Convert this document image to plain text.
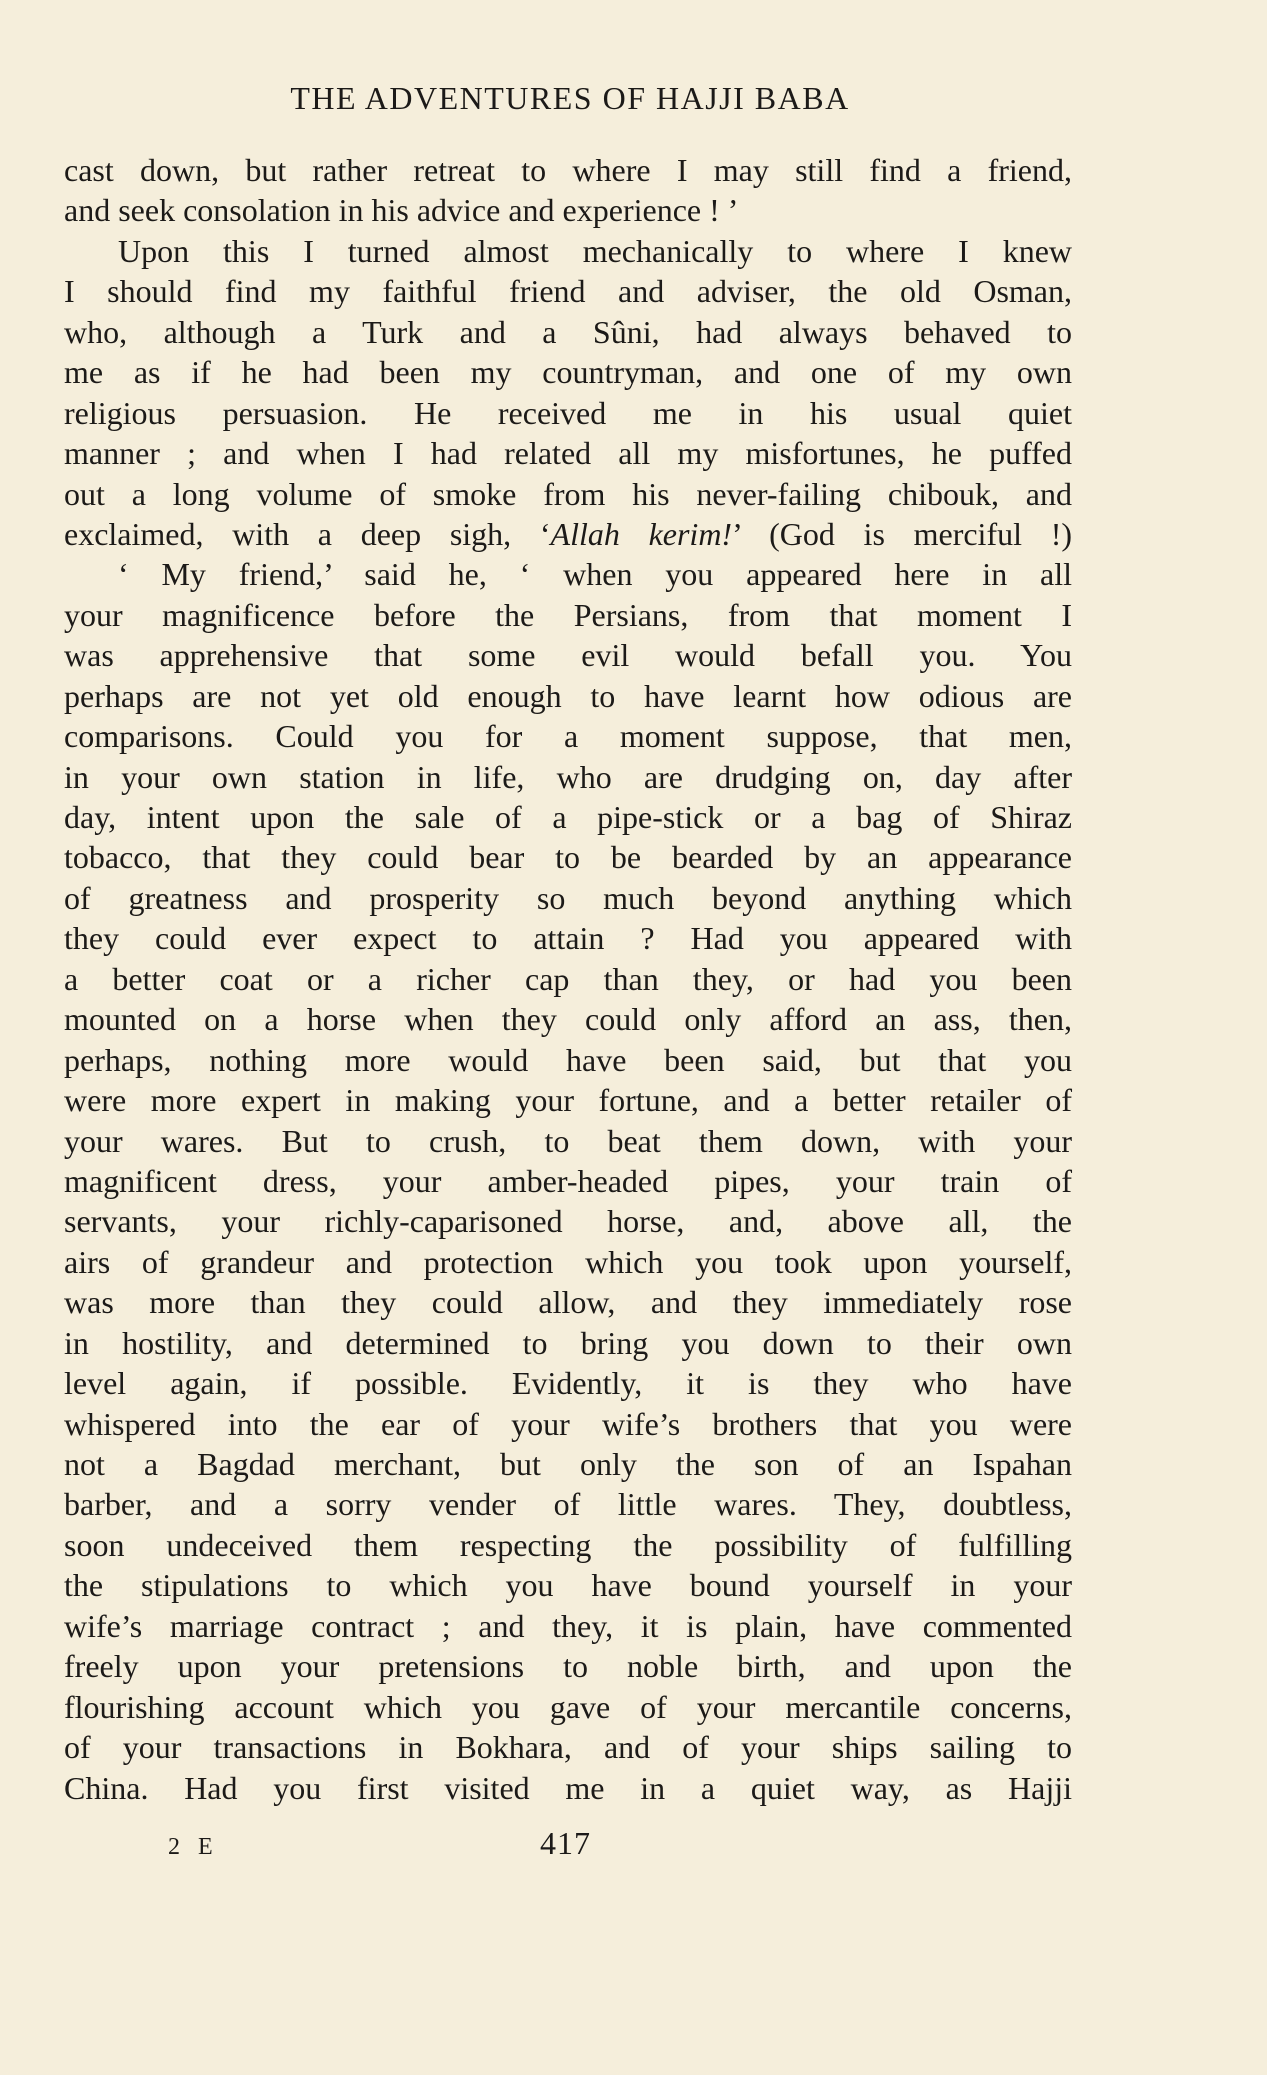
THE ADVENTURES OF HAJJI BABA
cast down, but rather retreat to where I may still find a friend,
and seek consolation in his advice and experience ! ’
Upon this I turned almost mechanically to where I knew
I should find my faithful friend and adviser, the old Osman,
who, although a Turk and a Sûni, had always behaved to
me as if he had been my countryman, and one of my own
religious persuasion. He received me in his usual quiet
manner ; and when I had related all my misfortunes, he puffed
out a long volume of smoke from his never-failing chibouk, and
exclaimed, with a deep sigh, ‘Allah kerim!’ (God is merciful !)
‘ My friend,’ said he, ‘ when you appeared here in all
your magnificence before the Persians, from that moment I
was apprehensive that some evil would befall you. You
perhaps are not yet old enough to have learnt how odious are
comparisons. Could you for a moment suppose, that men,
in your own station in life, who are drudging on, day after
day, intent upon the sale of a pipe-stick or a bag of Shiraz
tobacco, that they could bear to be bearded by an appearance
of greatness and prosperity so much beyond anything which
they could ever expect to attain ? Had you appeared with
a better coat or a richer cap than they, or had you been
mounted on a horse when they could only afford an ass, then,
perhaps, nothing more would have been said, but that you
were more expert in making your fortune, and a better retailer of
your wares. But to crush, to beat them down, with your
magnificent dress, your amber-headed pipes, your train of
servants, your richly-caparisoned horse, and, above all, the
airs of grandeur and protection which you took upon yourself,
was more than they could allow, and they immediately rose
in hostility, and determined to bring you down to their own
level again, if possible. Evidently, it is they who have
whispered into the ear of your wife’s brothers that you were
not a Bagdad merchant, but only the son of an Ispahan
barber, and a sorry vender of little wares. They, doubtless,
soon undeceived them respecting the possibility of fulfilling
the stipulations to which you have bound yourself in your
wife’s marriage contract ; and they, it is plain, have commented
freely upon your pretensions to noble birth, and upon the
flourishing account which you gave of your mercantile concerns,
of your transactions in Bokhara, and of your ships sailing to
China. Had you first visited me in a quiet way, as Hajji
2 E	417
